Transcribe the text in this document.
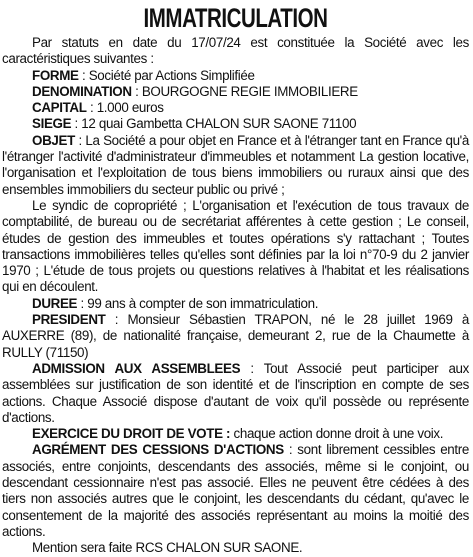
IMMATRICULATION

Par statuts en date du 17/07/24 est constituée la Société avec les caractéristiques suivantes :

FORME : Société par Actions Simplifiée

DENOMINATION : BOURGOGNE REGIE IMMOBILIERE

CAPITAL : 1.000 euros

SIEGE : 12 quai Gambetta CHALON SUR SAONE 71100

OBJET : La Société a pour objet en France et à l'étranger tant en France qu'à l'étranger l'activité d'administrateur d'immeubles et notamment La gestion locative, l'organisation et l'exploitation de tous biens immobiliers ou ruraux ainsi que des ensembles immobiliers du secteur public ou privé ;

Le syndic de copropriété ; L'organisation et l'exécution de tous travaux de comptabilité, de bureau ou de secrétariat afférentes à cette gestion ; Le conseil, études de gestion des immeubles et toutes opérations s'y rattachant ; Toutes transactions immobilières telles qu'elles sont définies par la loi n°70-9 du 2 janvier 1970 ; L'étude de tous projets ou questions relatives à l'habitat et les réalisations qui en découlent.

DUREE : 99 ans à compter de son immatriculation.

PRESIDENT : Monsieur Sébastien TRAPON, né le 28 juillet 1969 à AUXERRE (89), de nationalité française, demeurant 2, rue de la Chaumette à RULLY (71150)

ADMISSION AUX ASSEMBLEES : Tout Associé peut participer aux assemblées sur justification de son identité et de l'inscription en compte de ses actions. Chaque Associé dispose d'autant de voix qu'il possède ou représente d'actions.

EXERCICE DU DROIT DE VOTE : chaque action donne droit à une voix.

AGRÉMENT DES CESSIONS D'ACTIONS : sont librement cessibles entre associés, entre conjoints, descendants des associés, même si le conjoint, ou descendant cessionnaire n'est pas associé. Elles ne peuvent être cédées à des tiers non associés autres que le conjoint, les descendants du cédant, qu'avec le consentement de la majorité des associés représentant au moins la moitié des actions.

Mention sera faite RCS CHALON SUR SAONE.
